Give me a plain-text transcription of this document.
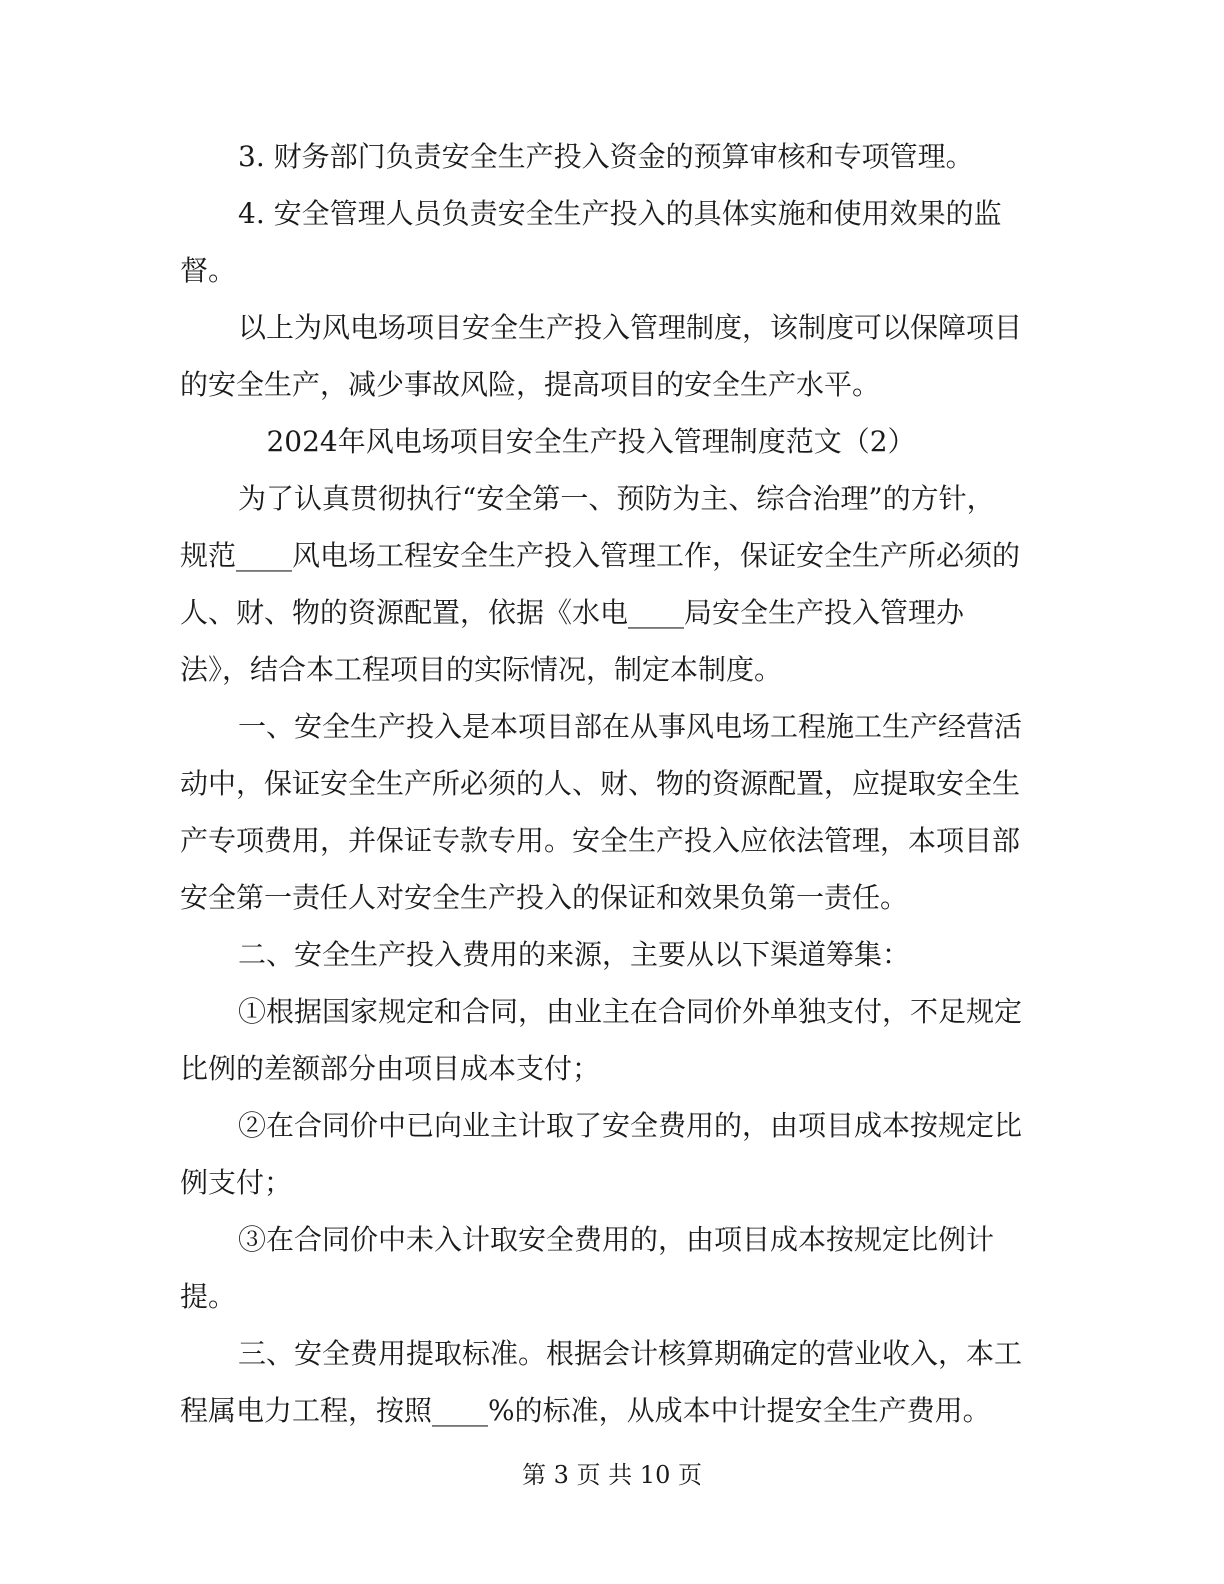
3. 财务部门负责安全生产投入资金的预算审核和专项管理。

4. 安全管理人员负责安全生产投入的具体实施和使用效果的监督。

以上为风电场项目安全生产投入管理制度，该制度可以保障项目的安全生产，减少事故风险，提高项目的安全生产水平。

2024年风电场项目安全生产投入管理制度范文（2）

为了认真贯彻执行“安全第一、预防为主、综合治理”的方针，规范____风电场工程安全生产投入管理工作，保证安全生产所必须的人、财、物的资源配置，依据《水电____局安全生产投入管理办法》，结合本工程项目的实际情况，制定本制度。

一、安全生产投入是本项目部在从事风电场工程施工生产经营活动中，保证安全生产所必须的人、财、物的资源配置，应提取安全生产专项费用，并保证专款专用。安全生产投入应依法管理，本项目部安全第一责任人对安全生产投入的保证和效果负第一责任。

二、安全生产投入费用的来源，主要从以下渠道筹集：

①根据国家规定和合同，由业主在合同价外单独支付，不足规定比例的差额部分由项目成本支付；

②在合同价中已向业主计取了安全费用的，由项目成本按规定比例支付；

③在合同价中未入计取安全费用的，由项目成本按规定比例计提。

三、安全费用提取标准。根据会计核算期确定的营业收入，本工程属电力工程，按照____%的标准，从成本中计提安全生产费用。

第 3 页 共 10 页
